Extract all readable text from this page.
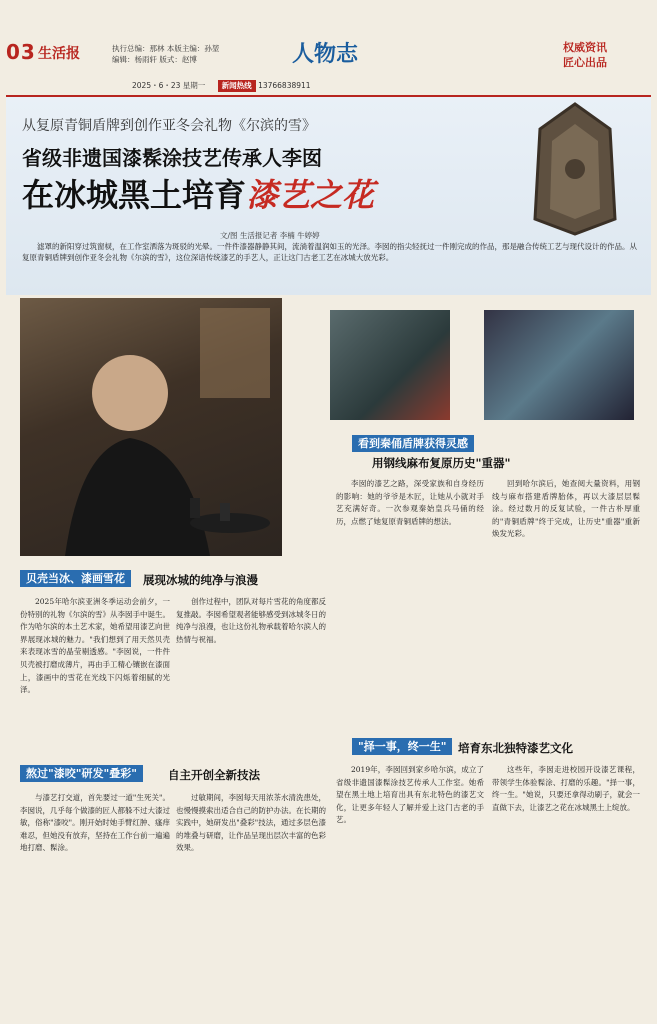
03 生活报	执行总编：那林 本版主编：孙堃
编辑：杨雨轩 版式：赵博	人物志	权威资讯
匠心出品
2025・6・23 星期一 新闻热线 13766838911
从复原青铜盾牌到创作亚冬会礼物《尔滨的雪》
省级非遗国漆髹涂技艺传承人李囡
在冰城黑土培育漆艺之花
文/图 生活报记者 李楠 牛婷婷
滤罩的新阳穿过筑窗棂，在工作室洒落为斑驳的光晕。一件件漆器静静其间，流淌着温润如玉的光泽。李囡的指尖轻抚过一件刚完成的作品，那是融合传统工艺与现代设计的作品。从复原青铜盾牌到创作亚冬会礼物《尔滨的雪》，这位深谙传统漆艺的手艺人，正让这门古老工艺在冰城大放光彩。
贝壳当冰、漆画雪花	展现冰城的纯净与浪漫

2025年哈尔滨亚洲冬季运动会前夕，一份特别的礼物《尔滨的雪》从李囡手中诞生。作为哈尔滨的本土艺术家，她希望用漆艺向世界展现冰城的魅力。"我们想到了用天然贝壳来表现冰雪的晶莹剔透感。"李囡说，一件件贝壳被打磨成薄片，再由手工精心镶嵌在漆面上，漆画中的雪花在光线下闪烁着细腻的光泽。

创作过程中，团队对每片雪花的角度都反复推敲。李囡希望观者能够感受到冰城冬日的纯净与浪漫，也让这份礼物承载着哈尔滨人的热情与祝福。

熬过"漆咬"研发"叠彩"	自主开创全新技法

与漆艺打交道，首先要过一道"生死关"。李囡说，几乎每个做漆的匠人都躲不过大漆过敏，俗称"漆咬"。刚开始时她手臂红肿、瘙痒难忍，但她没有放弃，坚持在工作台前一遍遍地打磨、髹涂。

过敏期间，李囡每天用浓茶水清洗患处，也慢慢摸索出适合自己的防护办法。在长期的实践中，她研发出"叠彩"技法，通过多层色漆的堆叠与研磨，让作品呈现出层次丰富的色彩效果。

看到秦俑盾牌获得灵感
用钢线麻布复原历史"重器"

李囡的漆艺之路，深受家族和自身经历的影响：她的爷爷是木匠，让她从小就对手艺充满好奇。一次参观秦始皇兵马俑的经历，点燃了她复原青铜盾牌的想法。

回到哈尔滨后，她查阅大量资料，用钢线与麻布搭建盾牌胎体，再以大漆层层髹涂。经过数月的反复试验，一件古朴厚重的"青铜盾牌"终于完成，让历史"重器"重新焕发光彩。

"择一事，终一生"	培育东北独特漆艺文化

2019年，李囡回到家乡哈尔滨，成立了省级非遗国漆髹涂技艺传承人工作室。她希望在黑土地上培育出具有东北特色的漆艺文化，让更多年轻人了解并爱上这门古老的手艺。

这些年，李囡走进校园开设漆艺课程，带领学生体验髹涂、打磨的乐趣。"择一事，终一生。"她说，只要还拿得动刷子，就会一直做下去，让漆艺之花在冰城黑土上绽放。
